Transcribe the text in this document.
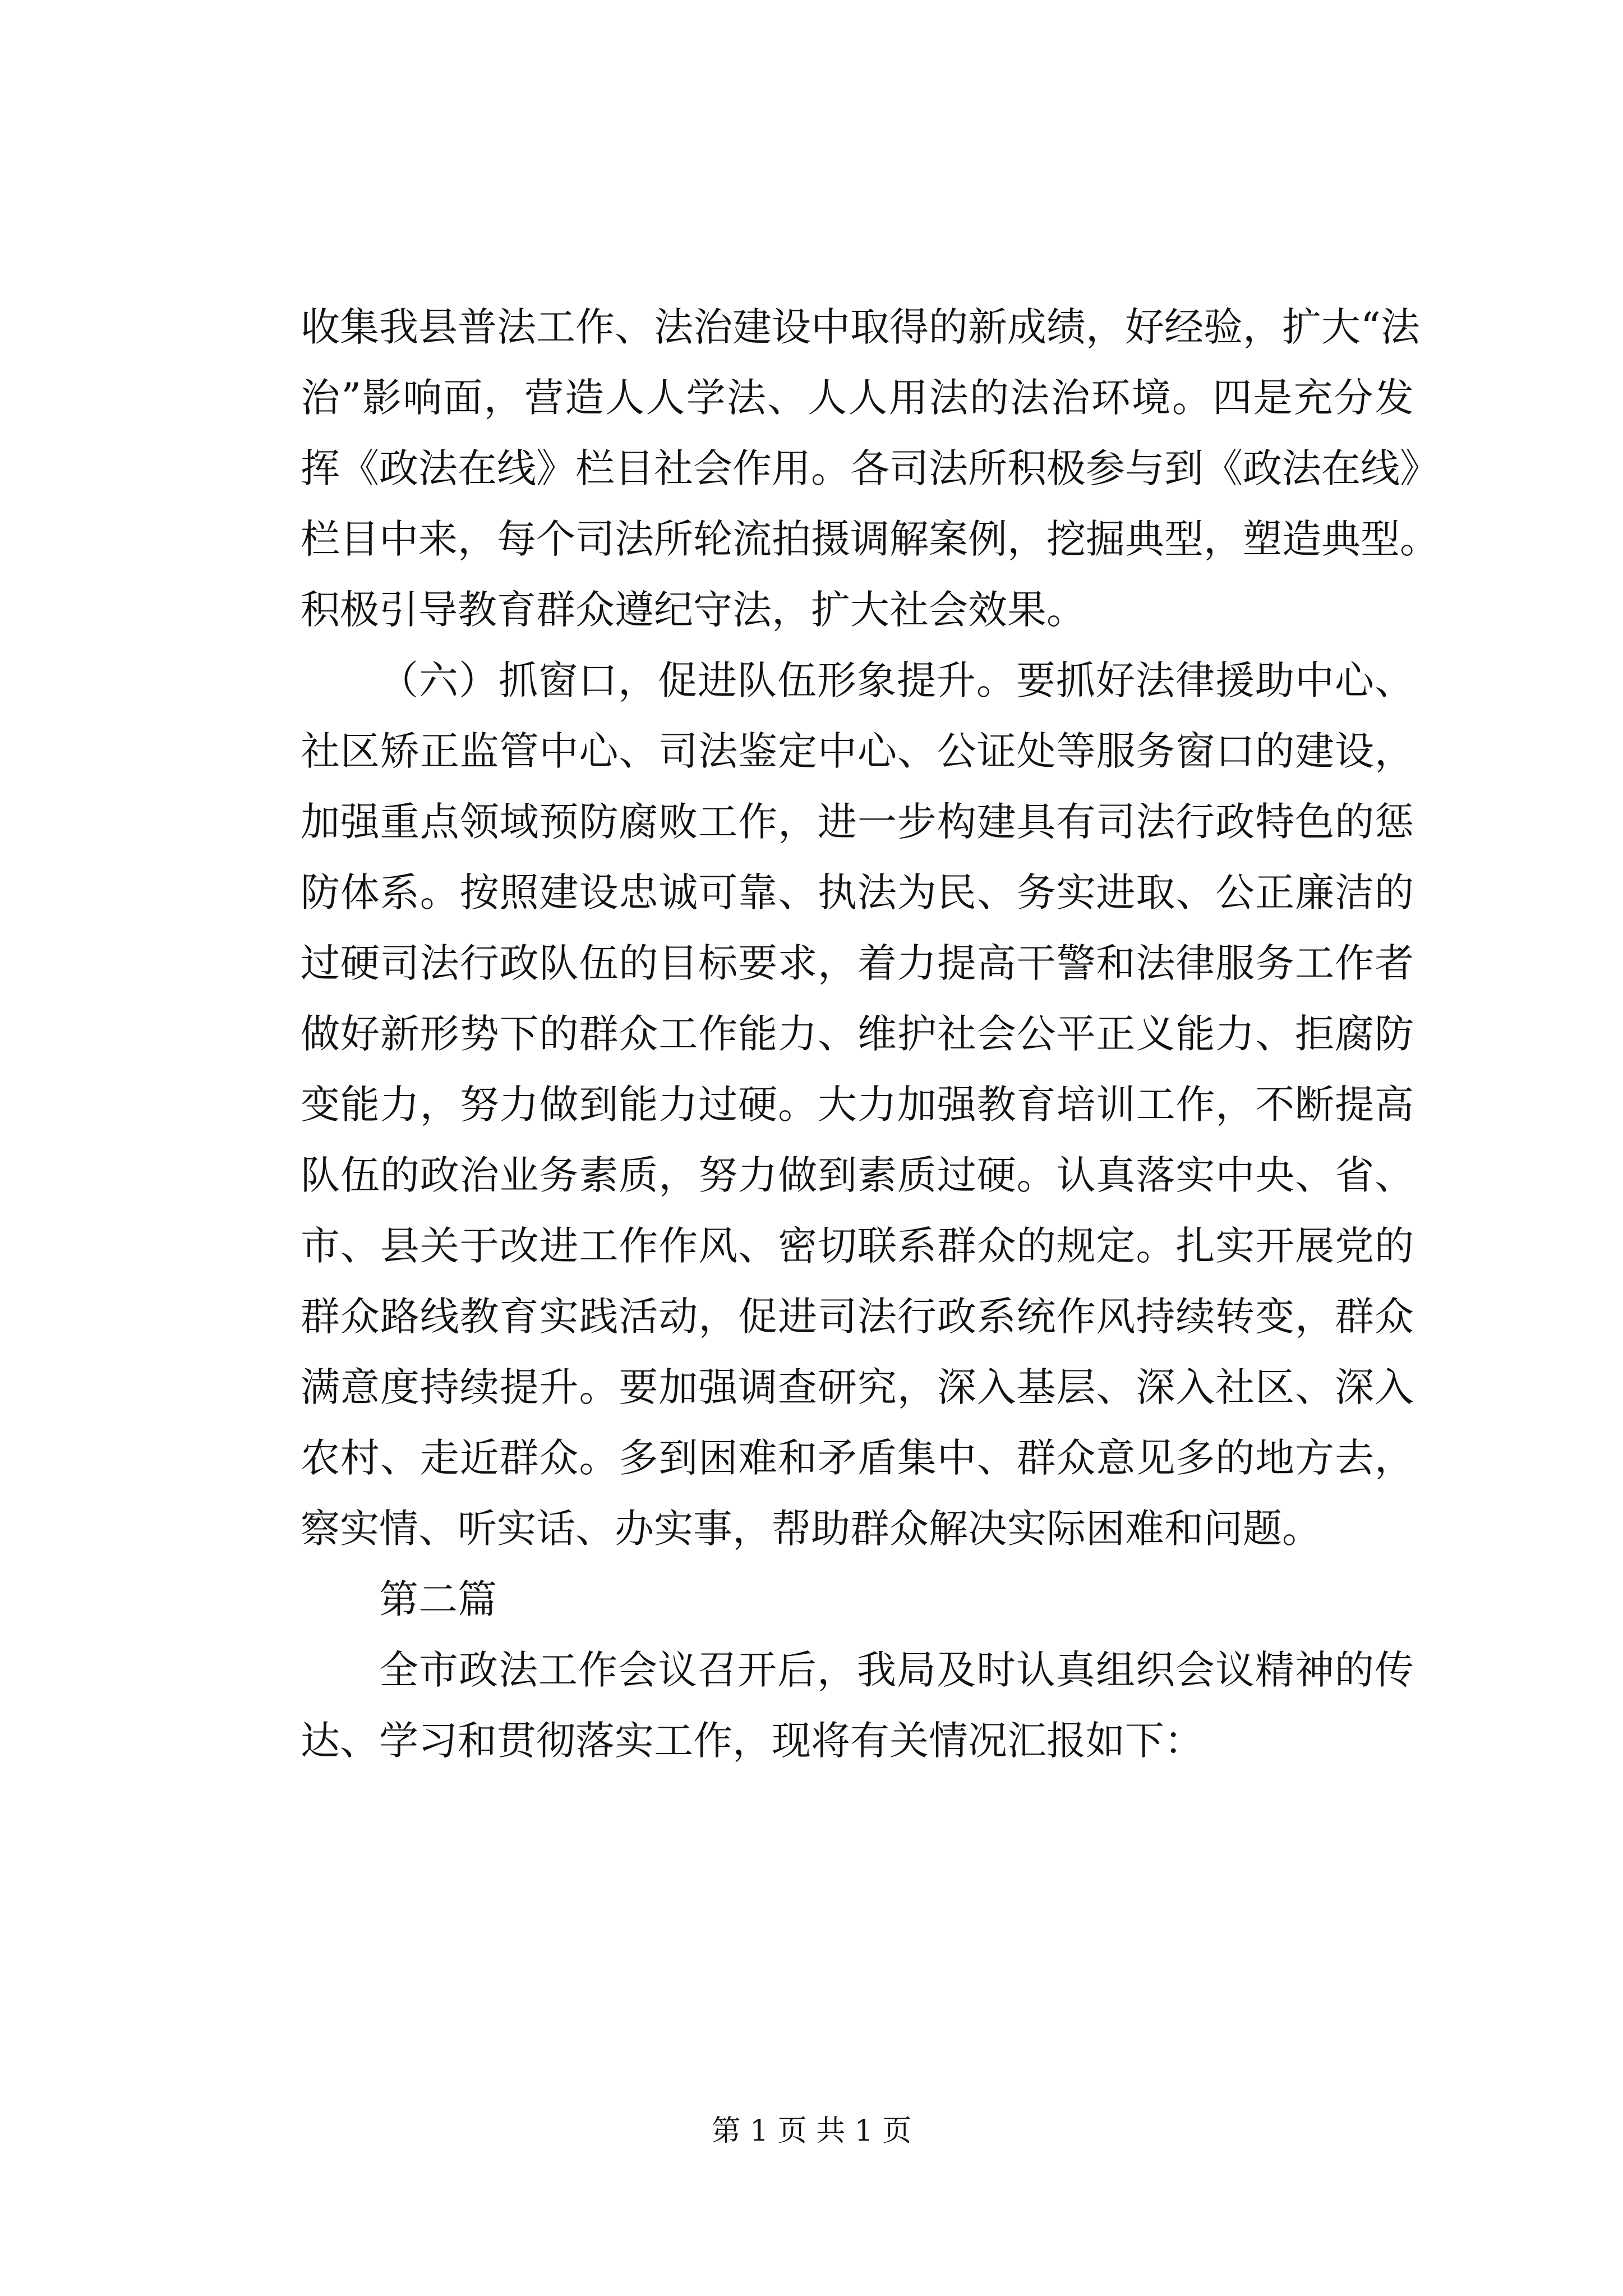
收集我县普法工作、法治建设中取得的新成绩，好经验，扩大“法
治”影响面，营造人人学法、人人用法的法治环境。四是充分发
挥《政法在线》栏目社会作用。各司法所积极参与到《政法在线》
栏目中来，每个司法所轮流拍摄调解案例，挖掘典型，塑造典型。
积极引导教育群众遵纪守法，扩大社会效果。
（六）抓窗口，促进队伍形象提升。要抓好法律援助中心、
社区矫正监管中心、司法鉴定中心、公证处等服务窗口的建设，
加强重点领域预防腐败工作，进一步构建具有司法行政特色的惩
防体系。按照建设忠诚可靠、执法为民、务实进取、公正廉洁的
过硬司法行政队伍的目标要求，着力提高干警和法律服务工作者
做好新形势下的群众工作能力、维护社会公平正义能力、拒腐防
变能力，努力做到能力过硬。大力加强教育培训工作，不断提高
队伍的政治业务素质，努力做到素质过硬。认真落实中央、省、
市、县关于改进工作作风、密切联系群众的规定。扎实开展党的
群众路线教育实践活动，促进司法行政系统作风持续转变，群众
满意度持续提升。要加强调查研究，深入基层、深入社区、深入
农村、走近群众。多到困难和矛盾集中、群众意见多的地方去，
察实情、听实话、办实事，帮助群众解决实际困难和问题。
第二篇
全市政法工作会议召开后，我局及时认真组织会议精神的传
达、学习和贯彻落实工作，现将有关情况汇报如下：
第 1 页 共 1 页
